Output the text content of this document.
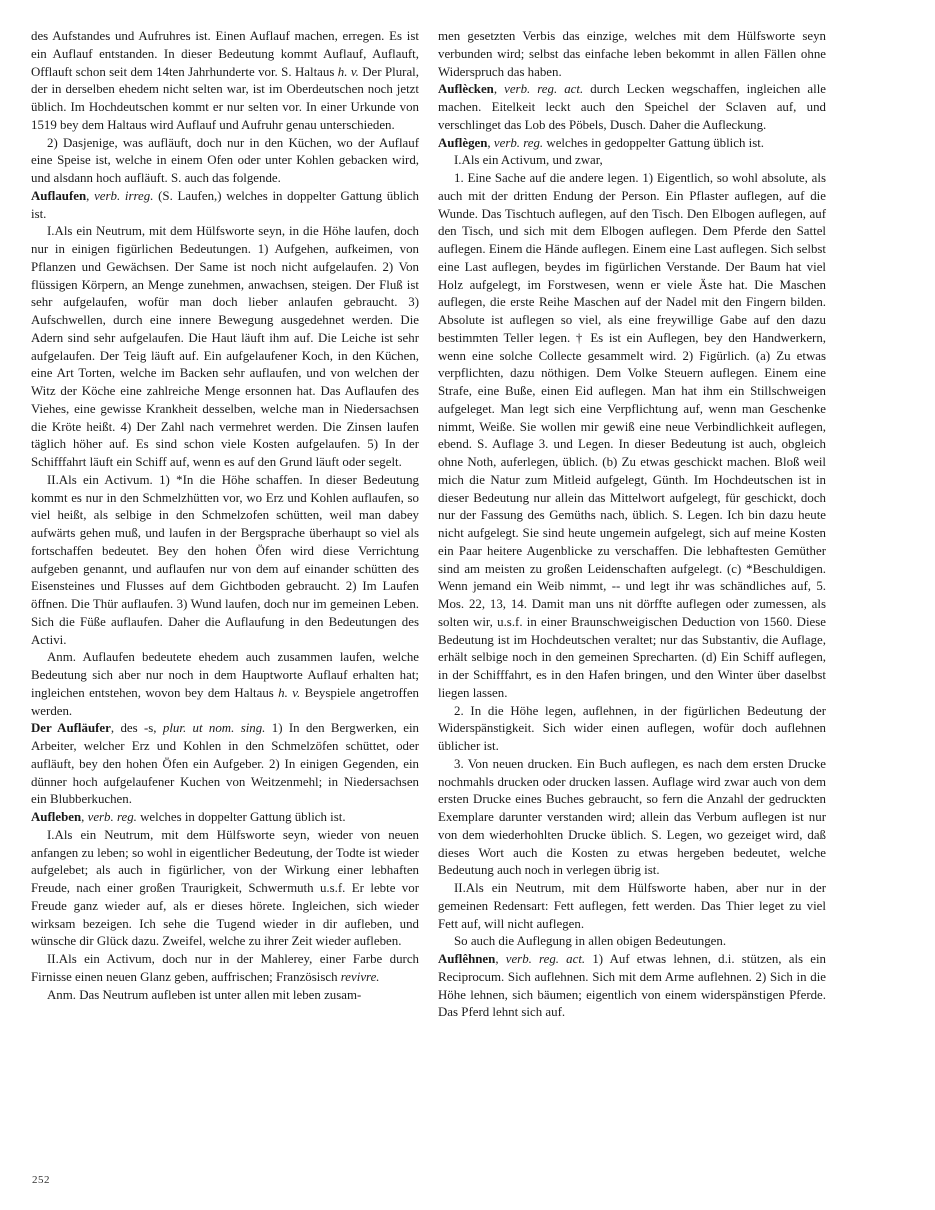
des Aufstandes und Aufruhres ist. Einen Auflauf machen, erregen. Es ist ein Auflauf entstanden. In dieser Bedeutung kommt Auflauf, Auflauft, Offlauft schon seit dem 14ten Jahrhunderte vor. S. Haltaus h. v. Der Plural, der in derselben ehedem nicht selten war, ist im Oberdeutschen noch jetzt üblich. Im Hochdeutschen kommt er nur selten vor. In einer Urkunde von 1519 bey dem Haltaus wird Auflauf und Aufruhr genau unterschieden.

2) Dasjenige, was aufläuft, doch nur in den Küchen, wo der Auflauf eine Speise ist, welche in einem Ofen oder unter Kohlen gebacken wird, und alsdann hoch aufläuft. S. auch das folgende.

Auflaufen, verb. irreg. (S. Laufen,) welches in doppelter Gattung üblich ist.

I.Als ein Neutrum, mit dem Hülfsworte seyn, in die Höhe laufen, doch nur in einigen figürlichen Bedeutungen. 1) Aufgehen, aufkeimen, von Pflanzen und Gewächsen. Der Same ist noch nicht aufgelaufen. 2) Von flüssigen Körpern, an Menge zunehmen, anwachsen, steigen. Der Fluß ist sehr aufgelaufen, wofür man doch lieber anlaufen gebraucht. 3) Aufschwellen, durch eine innere Bewegung ausgedehnet werden. Die Adern sind sehr aufgelaufen. Die Haut läuft ihm auf. Die Leiche ist sehr aufgelaufen. Der Teig läuft auf. Ein aufgelaufener Koch, in den Küchen, eine Art Torten, welche im Backen sehr auflaufen, und von welchen der Witz der Köche eine zahlreiche Menge ersonnen hat. Das Auflaufen des Viehes, eine gewisse Krankheit desselben, welche man in Niedersachsen die Kröte heißt. 4) Der Zahl nach vermehret werden. Die Zinsen laufen täglich höher auf. Es sind schon viele Kosten aufgelaufen. 5) In der Schifffahrt läuft ein Schiff auf, wenn es auf den Grund läuft oder segelt.

II.Als ein Activum. 1) *In die Höhe schaffen. In dieser Bedeutung kommt es nur in den Schmelzhütten vor, wo Erz und Kohlen auflaufen, so viel heißt, als selbige in den Schmelzofen schütten, weil man dabey aufwärts gehen muß, und laufen in der Bergsprache überhaupt so viel als fortschaffen bedeutet. Bey den hohen Öfen wird diese Verrichtung aufgeben genannt, und auflaufen nur von dem auf einander schütten des Eisensteines und Flusses auf dem Gichtboden gebraucht. 2) Im Laufen öffnen. Die Thür auflaufen. 3) Wund laufen, doch nur im gemeinen Leben. Sich die Füße auflaufen. Daher die Auflaufung in den Bedeutungen des Activi.

Anm. Auflaufen bedeutete ehedem auch zusammen laufen, welche Bedeutung sich aber nur noch in dem Hauptworte Auflauf erhalten hat; ingleichen entstehen, wovon bey dem Haltaus h. v. Beyspiele angetroffen werden.

Der Aufläufer, des -s, plur. ut nom. sing. 1) In den Bergwerken, ein Arbeiter, welcher Erz und Kohlen in den Schmelzöfen schüttet, oder aufläuft, bey den hohen Öfen ein Aufgeber. 2) In einigen Gegenden, ein dünner hoch aufgelaufener Kuchen von Weitzenmehl; in Niedersachsen ein Blubberkuchen.

Aufleben, verb. reg. welches in doppelter Gattung üblich ist.

I.Als ein Neutrum, mit dem Hülfsworte seyn, wieder von neuen anfangen zu leben; so wohl in eigentlicher Bedeutung, der Todte ist wieder aufgelebet; als auch in figürlicher, von der Wirkung einer lebhaften Freude, nach einer großen Traurigkeit, Schwermuth u.s.f. Er lebte vor Freude ganz wieder auf, als er dieses hörete. Ingleichen, sich wieder wirksam bezeigen. Ich sehe die Tugend wieder in dir aufleben, und wünsche dir Glück dazu. Zweifel, welche zu ihrer Zeit wieder aufleben.

II.Als ein Activum, doch nur in der Mahlerey, einer Farbe durch Firnisse einen neuen Glanz geben, auffrischen; Französisch revivre.

Anm. Das Neutrum aufleben ist unter allen mit leben zusam-

men gesetzten Verbis das einzige, welches mit dem Hülfsworte seyn verbunden wird; selbst das einfache leben bekommt in allen Fällen ohne Widerspruch das haben.

Auflècken, verb. reg. act. durch Lecken wegschaffen, ingleichen alle machen. Eitelkeit leckt auch den Speichel der Sclaven auf, und verschlinget das Lob des Pöbels, Dusch. Daher die Aufleckung.

Auflègen, verb. reg. welches in gedoppelter Gattung üblich ist.

I.Als ein Activum, und zwar,

1. Eine Sache auf die andere legen. 1) Eigentlich, so wohl absolute, als auch mit der dritten Endung der Person. Ein Pflaster auflegen, auf die Wunde. Das Tischtuch auflegen, auf den Tisch. Den Elbogen auflegen, auf den Tisch, und sich mit dem Elbogen auflegen. Dem Pferde den Sattel auflegen. Einem die Hände auflegen. Einem eine Last auflegen. Sich selbst eine Last auflegen, beydes im figürlichen Verstande. Der Baum hat viel Holz aufgelegt, im Forstwesen, wenn er viele Äste hat. Die Maschen auflegen, die erste Reihe Maschen auf der Nadel mit den Fingern bilden. Absolute ist auflegen so viel, als eine freywillige Gabe auf den dazu bestimmten Teller legen. † Es ist ein Auflegen, bey den Handwerkern, wenn eine solche Collecte gesammelt wird. 2) Figürlich. (a) Zu etwas verpflichten, dazu nöthigen. Dem Volke Steuern auflegen. Einem eine Strafe, eine Buße, einen Eid auflegen. Man hat ihm ein Stillschweigen aufgeleget. Man legt sich eine Verpflichtung auf, wenn man Geschenke nimmt, Weiße. Sie wollen mir gewiß eine neue Verbindlichkeit auflegen, ebend. S. Auflage 3. und Legen. In dieser Bedeutung ist auch, obgleich ohne Noth, auferlegen, üblich. (b) Zu etwas geschickt machen. Bloß weil mich die Natur zum Mitleid aufgelegt, Günth. Im Hochdeutschen ist in dieser Bedeutung nur allein das Mittelwort aufgelegt, für geschickt, doch nur der Fassung des Gemüths nach, üblich. S. Legen. Ich bin dazu heute nicht aufgelegt. Sie sind heute ungemein aufgelegt, sich auf meine Kosten ein Paar heitere Augenblicke zu verschaffen. Die lebhaftesten Gemüther sind am meisten zu großen Leidenschaften aufgelegt. (c) *Beschuldigen. Wenn jemand ein Weib nimmt, -- und legt ihr was schändliches auf, 5. Mos. 22, 13, 14. Damit man uns nit dörffte auflegen oder zumessen, als solten wir, u.s.f. in einer Braunschweigischen Deduction von 1560. Diese Bedeutung ist im Hochdeutschen veraltet; nur das Substantiv, die Auflage, erhält selbige noch in den gemeinen Sprecharten. (d) Ein Schiff auflegen, in der Schifffahrt, es in den Hafen bringen, und den Winter über daselbst liegen lassen.

2. In die Höhe legen, auflehnen, in der figürlichen Bedeutung der Widerspänstigkeit. Sich wider einen auflegen, wofür doch auflehnen üblicher ist.

3. Von neuen drucken. Ein Buch auflegen, es nach dem ersten Drucke nochmahls drucken oder drucken lassen. Auflage wird zwar auch von dem ersten Drucke eines Buches gebraucht, so fern die Anzahl der gedruckten Exemplare darunter verstanden wird; allein das Verbum auflegen ist nur von dem wiederhohlten Drucke üblich. S. Legen, wo gezeiget wird, daß dieses Wort auch die Kosten zu etwas hergeben bedeutet, welche Bedeutung auch noch in verlegen übrig ist.

II.Als ein Neutrum, mit dem Hülfsworte haben, aber nur in der gemeinen Redensart: Fett auflegen, fett werden. Das Thier leget zu viel Fett auf, will nicht auflegen.

So auch die Auflegung in allen obigen Bedeutungen.

Auflêhnen, verb. reg. act. 1) Auf etwas lehnen, d.i. stützen, als ein Reciprocum. Sich auflehnen. Sich mit dem Arme auflehnen. 2) Sich in die Höhe lehnen, sich bäumen; eigentlich von einem widerspänstigen Pferde. Das Pferd lehnt sich auf.

252
